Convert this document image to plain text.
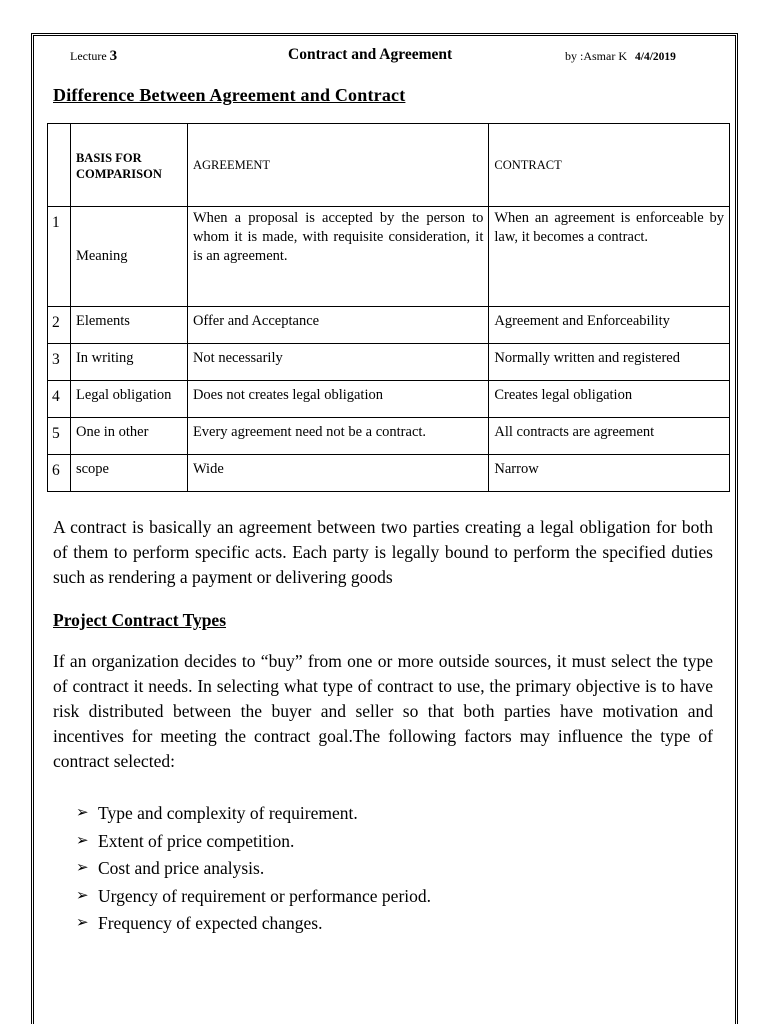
Lecture 3	Contract and Agreement	by :Asmar K 4/4/2019
Difference Between Agreement and Contract
	BASIS FOR COMPARISON	AGREEMENT	CONTRACT
1	Meaning	When a proposal is accepted by the person to whom it is made, with requisite consideration, it is an agreement.	When an agreement is enforceable by law, it becomes a contract.
2	Elements	Offer and Acceptance	Agreement and Enforceability
3	In writing	Not necessarily	Normally written and registered
4	Legal obligation	Does not creates legal obligation	Creates legal obligation
5	One in other	Every agreement need not be a contract.	All contracts are agreement
6	scope	Wide	Narrow

A contract is basically an agreement between two parties creating a legal obligation for both of them to perform specific acts. Each party is legally bound to perform the specified duties such as rendering a payment or delivering goods

Project Contract Types

If an organization decides to “buy” from one or more outside sources, it must select the type of contract it needs. In selecting what type of contract to use, the primary objective is to have risk distributed between the buyer and seller so that both parties have motivation and incentives for meeting the contract goal.The following factors may influence the type of contract selected:

➢ Type and complexity of requirement.
➢ Extent of price competition.
➢ Cost and price analysis.
➢ Urgency of requirement or performance period.
➢ Frequency of expected changes.
